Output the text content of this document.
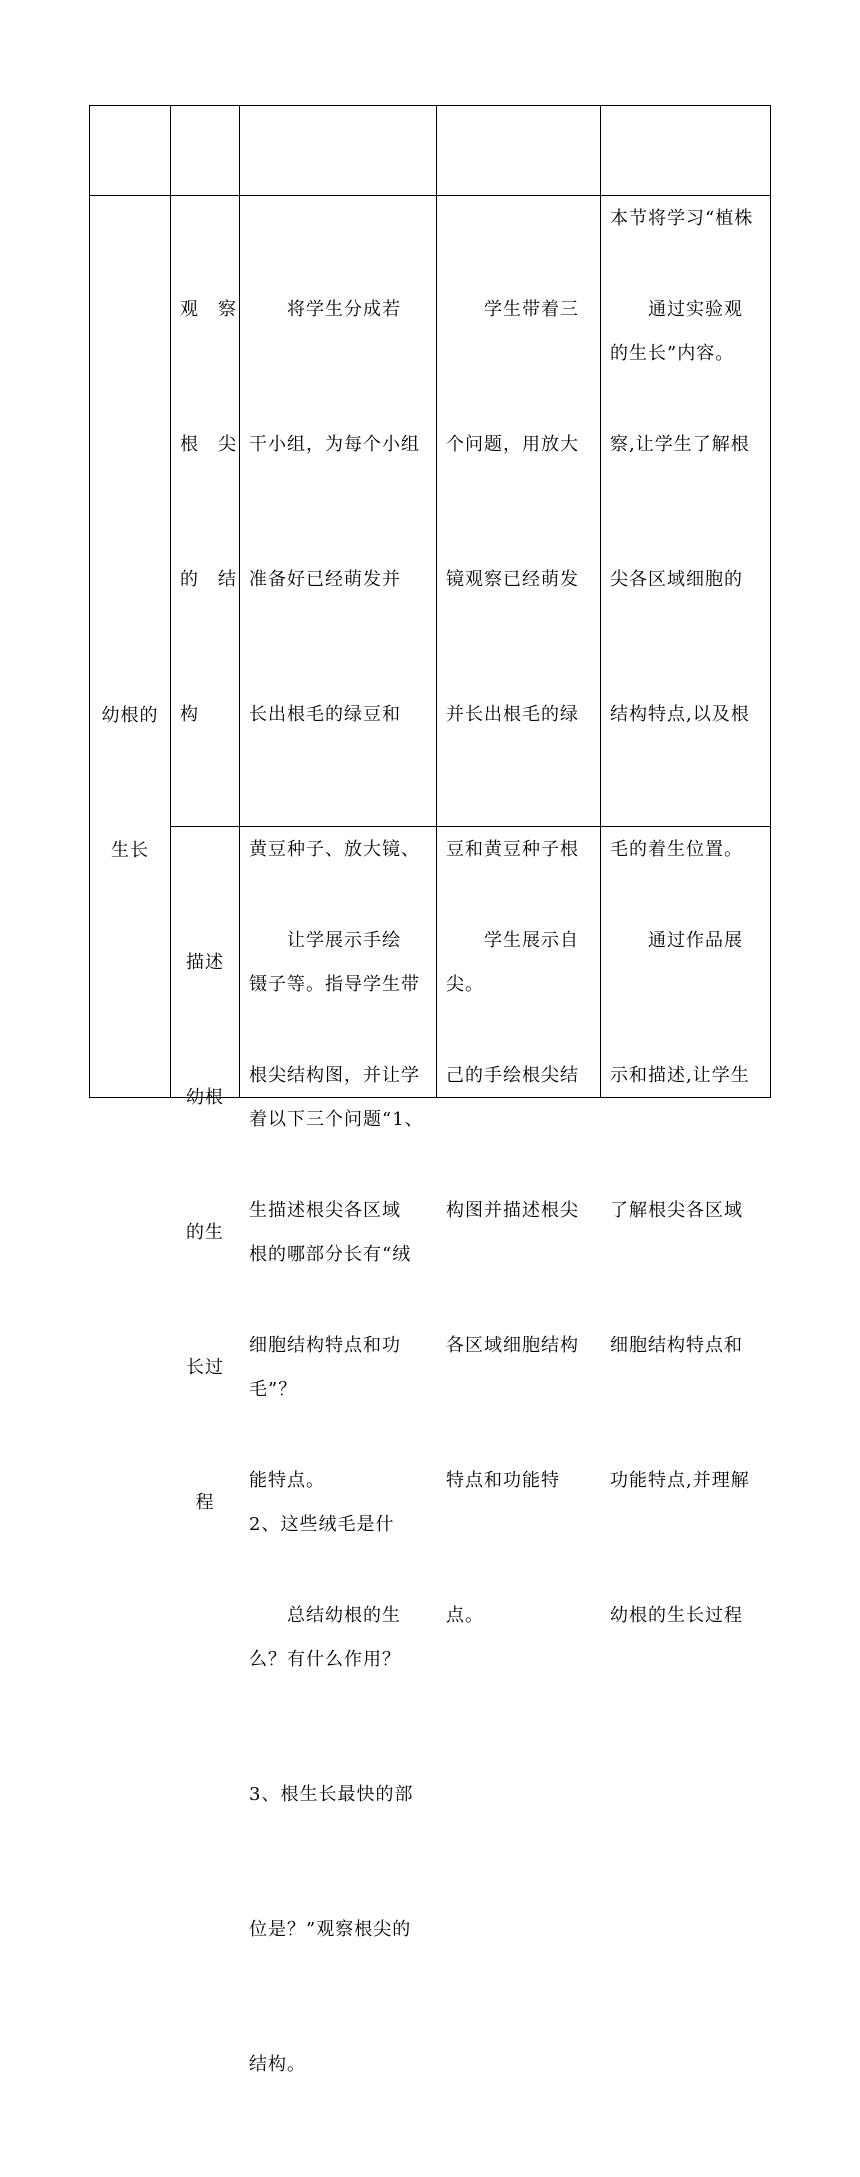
本节将学习“植株

的生长”内容。

幼根的

生长

观　察

根　尖

的　结

构

　　将学生分成若

干小组，为每个小组

准备好已经萌发并

长出根毛的绿豆和

黄豆种子、放大镜、

镊子等。指导学生带

着以下三个问题“1、

根的哪部分长有“绒

毛”？

2、这些绒毛是什

么？有什么作用？

3、根生长最快的部

位是？”观察根尖的

结构。

　　学生带着三

个问题，用放大

镜观察已经萌发

并长出根毛的绿

豆和黄豆种子根

尖。

　　通过实验观

察,让学生了解根

尖各区域细胞的

结构特点,以及根

毛的着生位置。

描述

幼根

的生

长过

程

　　让学展示手绘

根尖结构图，并让学

生描述根尖各区域

细胞结构特点和功

能特点。

　　总结幼根的生

　　学生展示自

己的手绘根尖结

构图并描述根尖

各区域细胞结构

特点和功能特

点。

　　通过作品展

示和描述,让学生

了解根尖各区域

细胞结构特点和

功能特点,并理解

幼根的生长过程
